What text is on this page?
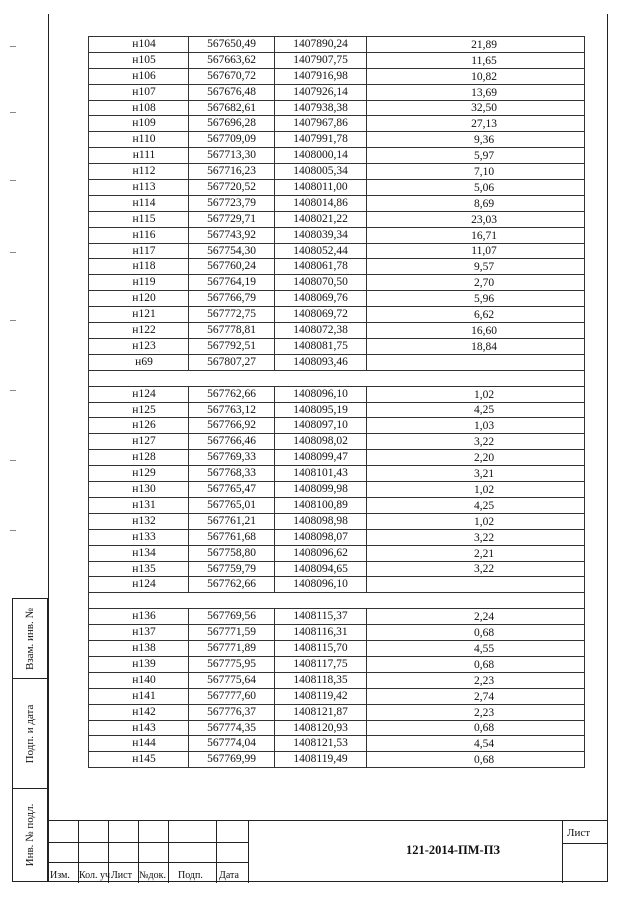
н104	567650,49	1407890,24	21,89
н105	567663,62	1407907,75	11,65
н106	567670,72	1407916,98	10,82
н107	567676,48	1407926,14	13,69
н108	567682,61	1407938,38	32,50
н109	567696,28	1407967,86	27,13
н110	567709,09	1407991,78	9,36
н111	567713,30	1408000,14	5,97
н112	567716,23	1408005,34	7,10
н113	567720,52	1408011,00	5,06
н114	567723,79	1408014,86	8,69
н115	567729,71	1408021,22	23,03
н116	567743,92	1408039,34	16,71
н117	567754,30	1408052,44	11,07
н118	567760,24	1408061,78	9,57
н119	567764,19	1408070,50	2,70
н120	567766,79	1408069,76	5,96
н121	567772,75	1408069,72	6,62
н122	567778,81	1408072,38	16,60
н123	567792,51	1408081,75	18,84
н69	567807,27	1408093,46	

н124	567762,66	1408096,10	1,02
н125	567763,12	1408095,19	4,25
н126	567766,92	1408097,10	1,03
н127	567766,46	1408098,02	3,22
н128	567769,33	1408099,47	2,20
н129	567768,33	1408101,43	3,21
н130	567765,47	1408099,98	1,02
н131	567765,01	1408100,89	4,25
н132	567761,21	1408098,98	1,02
н133	567761,68	1408098,07	3,22
н134	567758,80	1408096,62	2,21
н135	567759,79	1408094,65	3,22
н124	567762,66	1408096,10	

н136	567769,56	1408115,37	2,24
н137	567771,59	1408116,31	0,68
н138	567771,89	1408115,70	4,55
н139	567775,95	1408117,75	0,68
н140	567775,64	1408118,35	2,23
н141	567777,60	1408119,42	2,74
н142	567776,37	1408121,87	2,23
н143	567774,35	1408120,93	0,68
н144	567774,04	1408121,53	4,54
н145	567769,99	1408119,49	0,68
Взам. инв. №
Подп. и дата
Инв. № подл.
Изм. Кол. уч Лист №док. Подп. Дата
121-2014-ПМ-ПЗ
Лист
